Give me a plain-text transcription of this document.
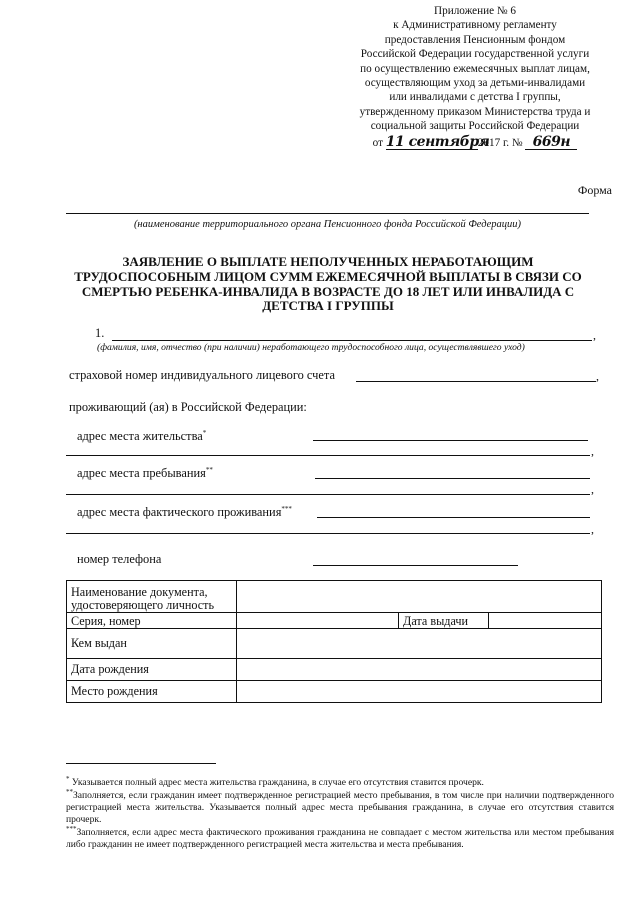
Приложение № 6
к Административному регламенту
предоставления Пенсионным фондом
Российской Федерации государственной услуги
по осуществлению ежемесячных выплат лицам,
осуществляющим уход за детьми-инвалидами
или инвалидами с детства I группы,
утвержденному приказом Министерства труда и
социальной защиты Российской Федерации
от 11 сентября2017 г. № 669н
Форма
(наименование территориального органа Пенсионного фонда Российской Федерации)
ЗАЯВЛЕНИЕ О ВЫПЛАТЕ НЕПОЛУЧЕННЫХ НЕРАБОТАЮЩИМ
ТРУДОСПОСОБНЫМ ЛИЦОМ СУММ ЕЖЕМЕСЯЧНОЙ ВЫПЛАТЫ В СВЯЗИ СО
СМЕРТЬЮ РЕБЕНКА-ИНВАЛИДА В ВОЗРАСТЕ ДО 18 ЛЕТ ИЛИ ИНВАЛИДА С
ДЕТСТВА I ГРУППЫ
1.	,
(фамилия, имя, отчество (при наличии) неработающего трудоспособного лица, осуществлявшего уход)
страховой номер индивидуального лицевого счета	,
проживающий (ая) в Российской Федерации:
адрес места жительства*
,
адрес места пребывания**
,
адрес места фактического проживания***
,
номер телефона
Наименование документа, удостоверяющего личность			
Серия, номер		Дата выдачи	
Кем выдан			
Дата рождения			
Место рождения			
* Указывается полный адрес места жительства гражданина, в случае его отсутствия ставится прочерк.
**Заполняется, если гражданин имеет подтвержденное регистрацией место пребывания, в том числе при наличии подтвержденного регистрацией места жительства. Указывается полный адрес места пребывания гражданина, в случае его отсутствия ставится прочерк.
***Заполняется, если адрес места фактического проживания гражданина не совпадает с местом жительства или местом пребывания либо гражданин не имеет подтвержденного регистрацией места жительства и места пребывания.
